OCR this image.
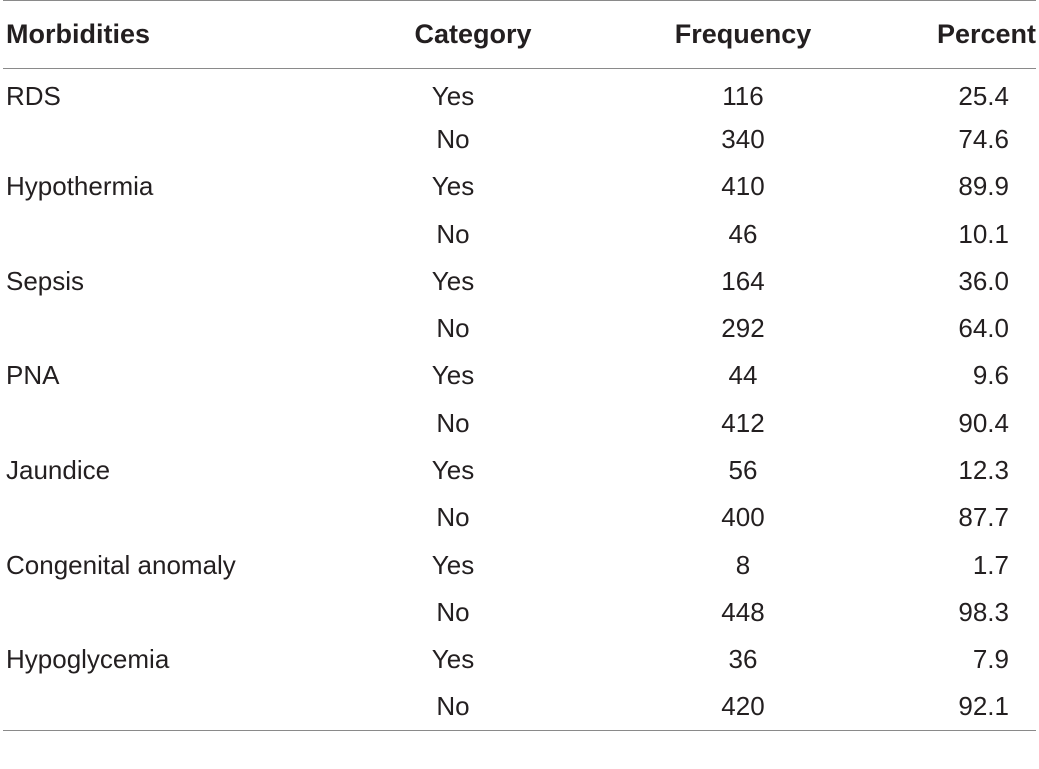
Morbidities	Category	Frequency	Percent
RDS	Yes	116	25.4
	No	340	74.6
Hypothermia	Yes	410	89.9
	No	46	10.1
Sepsis	Yes	164	36.0
	No	292	64.0
PNA	Yes	44	9.6
	No	412	90.4
Jaundice	Yes	56	12.3
	No	400	87.7
Congenital anomaly	Yes	8	1.7
	No	448	98.3
Hypoglycemia	Yes	36	7.9
	No	420	92.1
